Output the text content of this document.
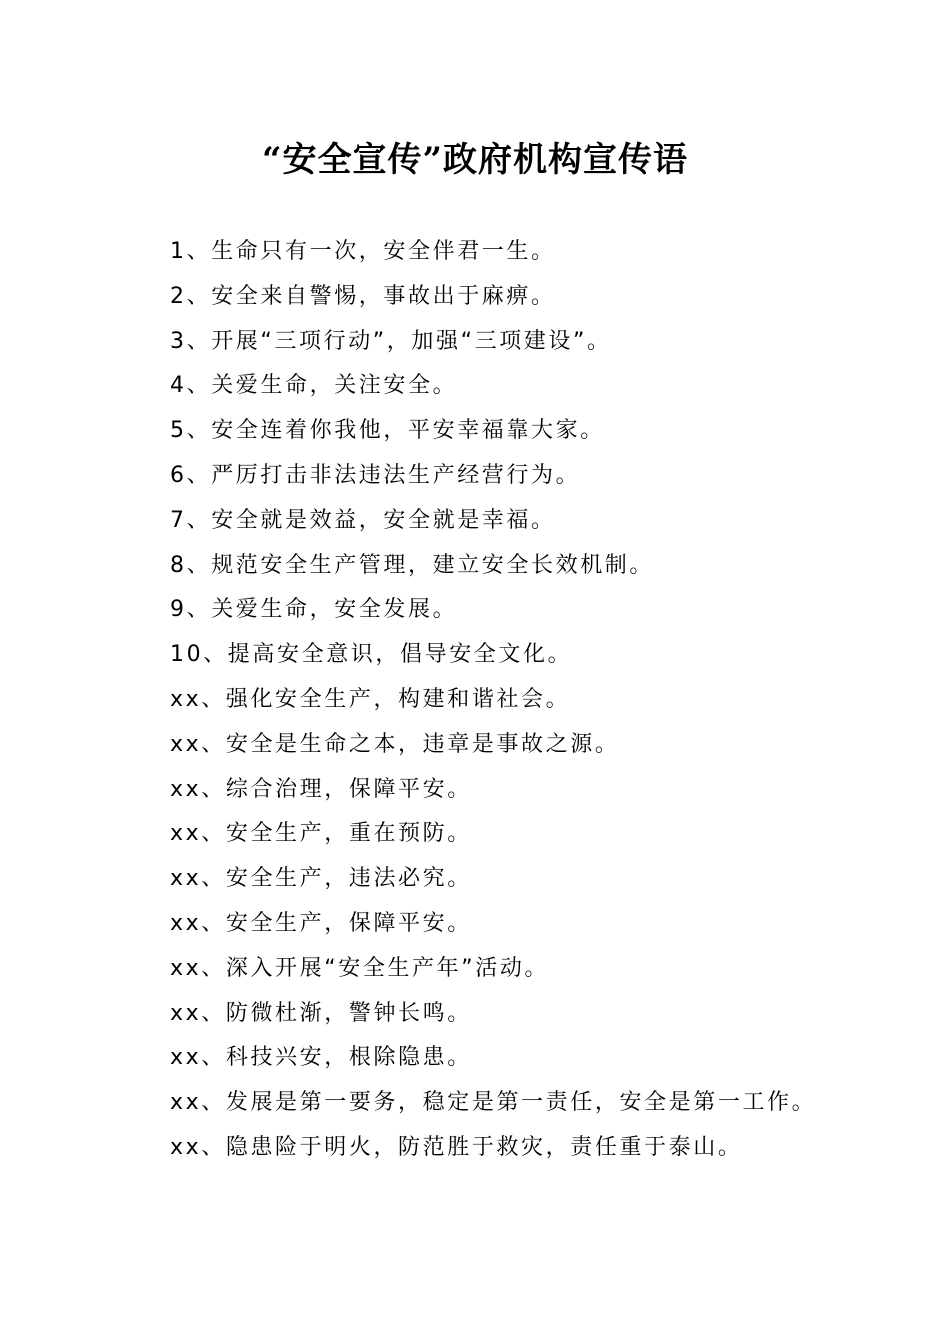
“安全宣传”政府机构宣传语
1、生命只有一次，安全伴君一生。
2、安全来自警惕，事故出于麻痹。
3、开展“三项行动”，加强“三项建设”。
4、关爱生命，关注安全。
5、安全连着你我他，平安幸福靠大家。
6、严厉打击非法违法生产经营行为。
7、安全就是效益，安全就是幸福。
8、规范安全生产管理，建立安全长效机制。
9、关爱生命，安全发展。
10、提高安全意识，倡导安全文化。
xx、强化安全生产，构建和谐社会。
xx、安全是生命之本，违章是事故之源。
xx、综合治理，保障平安。
xx、安全生产，重在预防。
xx、安全生产，违法必究。
xx、安全生产，保障平安。
xx、深入开展“安全生产年”活动。
xx、防微杜渐，警钟长鸣。
xx、科技兴安，根除隐患。
xx、发展是第一要务，稳定是第一责任，安全是第一工作。
xx、隐患险于明火，防范胜于救灾，责任重于泰山。
